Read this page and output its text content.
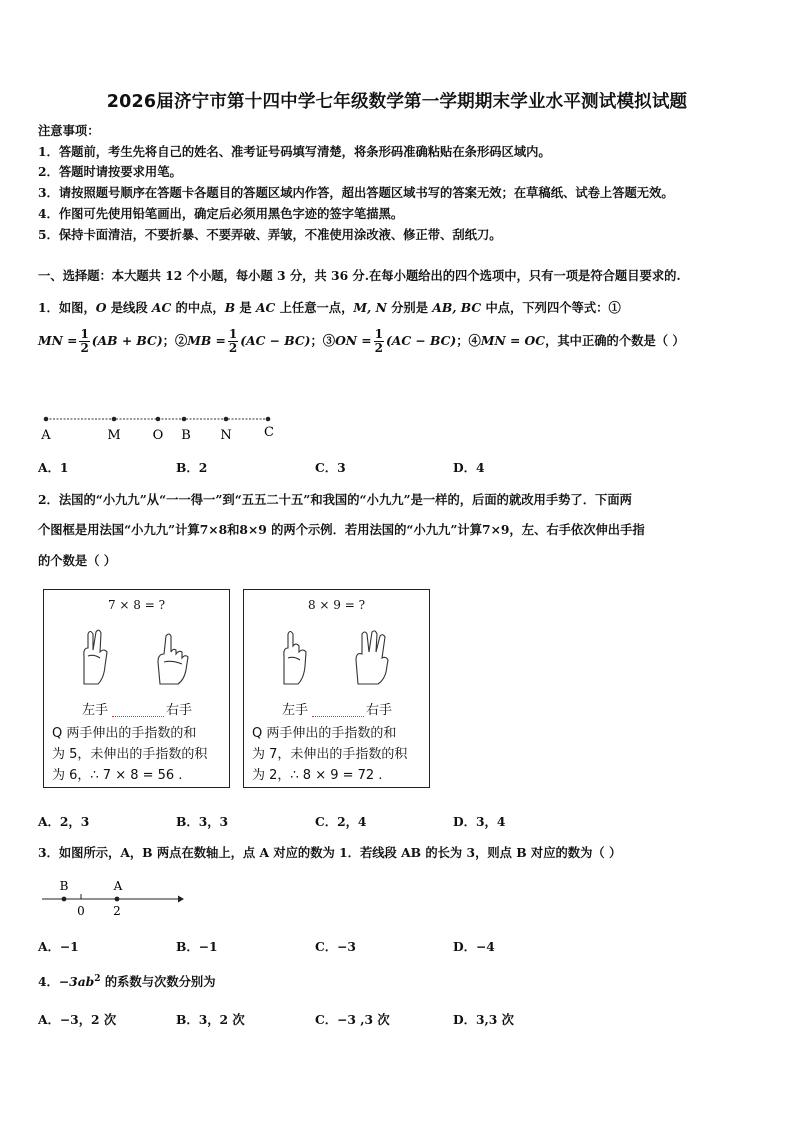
2026届济宁市第十四中学七年级数学第一学期期末学业水平测试模拟试题
注意事项：
1．答题前，考生先将自己的姓名、准考证号码填写清楚，将条形码准确粘贴在条形码区域内。
2．答题时请按要求用笔。
3．请按照题号顺序在答题卡各题目的答题区域内作答，超出答题区域书写的答案无效；在草稿纸、试卷上答题无效。
4．作图可先使用铅笔画出，确定后必须用黑色字迹的签字笔描黑。
5．保持卡面清洁，不要折暴、不要弄破、弄皱，不准使用涂改液、修正带、刮纸刀。
一、选择题：本大题共 12 个小题，每小题 3 分，共 36 分.在每小题给出的四个选项中，只有一项是符合题目要求的.
1．如图，O 是线段 AC 的中点，B 是 AC 上任意一点，M, N 分别是 AB, BC 中点，下列四个等式：①
MN = $\frac{1}{2} (AB + BC)$；②MB = $\frac{1}{2} (AC - BC)$；③ON = $\frac{1}{2} (AC - BC)$；④MN = OC，其中正确的个数是（ ）
A	M O B N C
A．1	B．2	C．3	D．4
2．法国的“小九九”从“一一得一”到“五五二十五”和我国的“小九九”是一样的，后面的就改用手势了．下面两
个图框是用法国“小九九”计算7×8和8×9 的两个示例．若用法国的“小九九”计算7×9，左、右手依次伸出手指
的个数是（ ）
7 × 8 = ?
左手	右手
Q 两手伸出的手指数的和
为 5，未伸出的手指数的积
为 6，∴ 7 × 8 = 56 .
8 × 9 = ?
左手	右手
Q 两手伸出的手指数的和
为 7，未伸出的手指数的积
为 2，∴ 8 × 9 = 72 .
A．2，3	B．3，3	C．2，4	D．3，4
3．如图所示，A，B 两点在数轴上，点 A 对应的数为 1．若线段 AB 的长为 3，则点 B 对应的数为（ ）
B	A
0 2
A．−1	B．−1	C．−3	D．−4
4．$-3ab^2$ 的系数与次数分别为
A．−3，2 次	B．3，2 次	C．−3 ,3 次	D．3,3 次
